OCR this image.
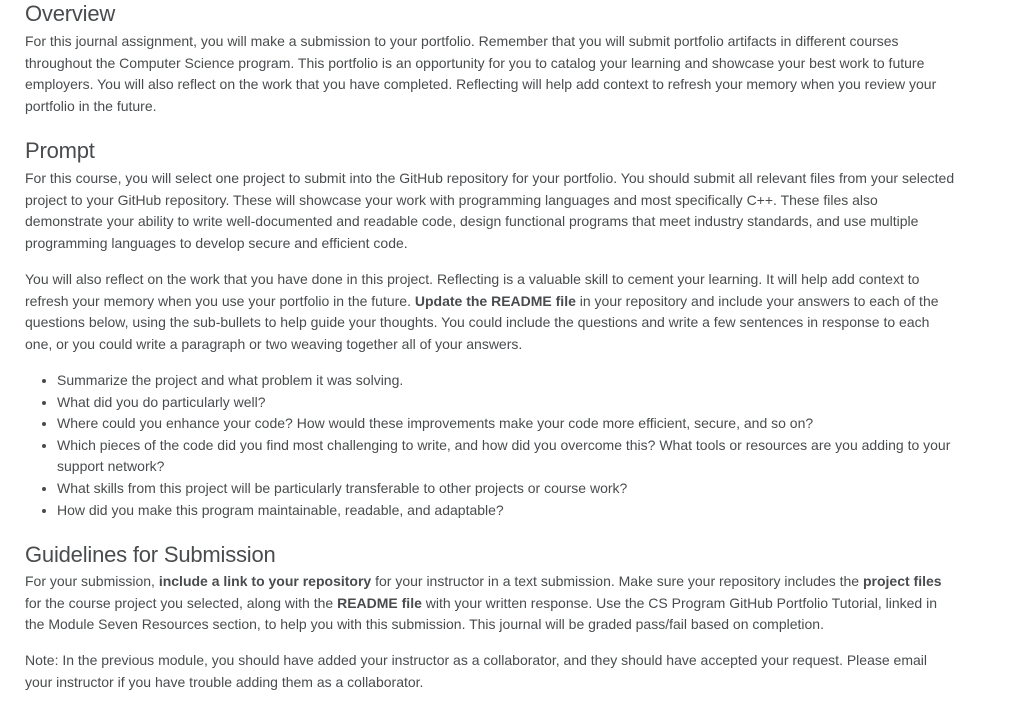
Overview

For this journal assignment, you will make a submission to your portfolio. Remember that you will submit portfolio artifacts in different courses throughout the Computer Science program. This portfolio is an opportunity for you to catalog your learning and showcase your best work to future employers. You will also reflect on the work that you have completed. Reflecting will help add context to refresh your memory when you review your portfolio in the future.

Prompt

For this course, you will select one project to submit into the GitHub repository for your portfolio. You should submit all relevant files from your selected project to your GitHub repository. These will showcase your work with programming languages and most specifically C++. These files also demonstrate your ability to write well-documented and readable code, design functional programs that meet industry standards, and use multiple programming languages to develop secure and efficient code.

You will also reflect on the work that you have done in this project. Reflecting is a valuable skill to cement your learning. It will help add context to refresh your memory when you use your portfolio in the future. Update the README file in your repository and include your answers to each of the questions below, using the sub-bullets to help guide your thoughts. You could include the questions and write a few sentences in response to each one, or you could write a paragraph or two weaving together all of your answers.

• Summarize the project and what problem it was solving.
• What did you do particularly well?
• Where could you enhance your code? How would these improvements make your code more efficient, secure, and so on?
• Which pieces of the code did you find most challenging to write, and how did you overcome this? What tools or resources are you adding to your support network?
• What skills from this project will be particularly transferable to other projects or course work?
• How did you make this program maintainable, readable, and adaptable?
Guidelines for Submission

For your submission, include a link to your repository for your instructor in a text submission. Make sure your repository includes the project files for the course project you selected, along with the README file with your written response. Use the CS Program GitHub Portfolio Tutorial, linked in the Module Seven Resources section, to help you with this submission. This journal will be graded pass/fail based on completion.

Note: In the previous module, you should have added your instructor as a collaborator, and they should have accepted your request. Please email your instructor if you have trouble adding them as a collaborator.
